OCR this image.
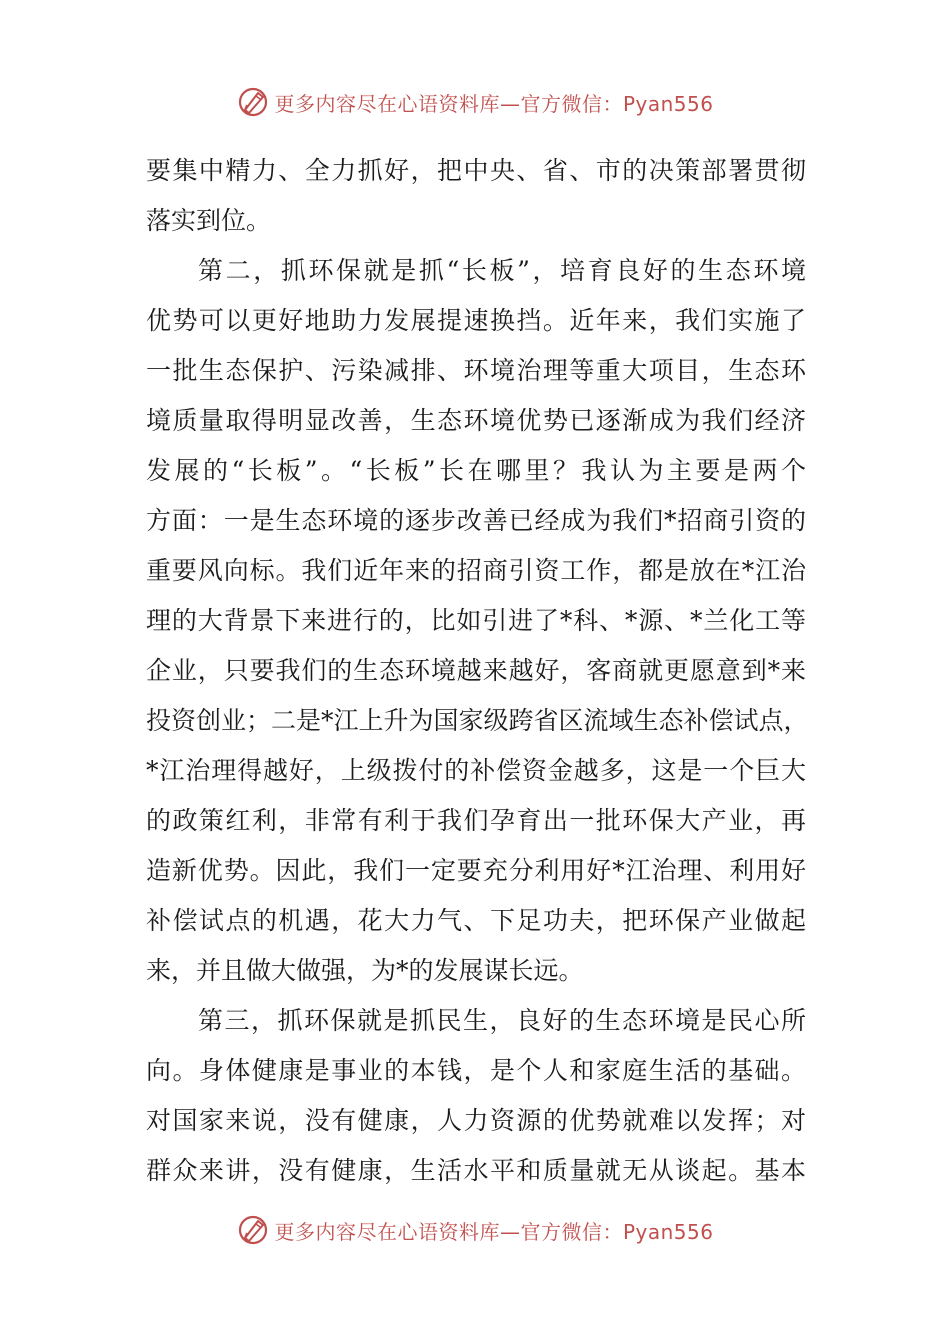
更多内容尽在心语资料库—官方微信：Pyan556
要集中精力、全力抓好，把中央、省、市的决策部署贯彻
落实到位。
第二，抓环保就是抓“长板”，培育良好的生态环境
优势可以更好地助力发展提速换挡。近年来，我们实施了
一批生态保护、污染减排、环境治理等重大项目，生态环
境质量取得明显改善，生态环境优势已逐渐成为我们经济
发展的“长板”。“长板”长在哪里？我认为主要是两个
方面：一是生态环境的逐步改善已经成为我们*招商引资的
重要风向标。我们近年来的招商引资工作，都是放在*江治
理的大背景下来进行的，比如引进了*科、*源、*兰化工等
企业，只要我们的生态环境越来越好，客商就更愿意到*来
投资创业；二是*江上升为国家级跨省区流域生态补偿试点，
*江治理得越好，上级拨付的补偿资金越多，这是一个巨大
的政策红利，非常有利于我们孕育出一批环保大产业，再
造新优势。因此，我们一定要充分利用好*江治理、利用好
补偿试点的机遇，花大力气、下足功夫，把环保产业做起
来，并且做大做强，为*的发展谋长远。
第三，抓环保就是抓民生，良好的生态环境是民心所
向。身体健康是事业的本钱，是个人和家庭生活的基础。
对国家来说，没有健康，人力资源的优势就难以发挥；对
群众来讲，没有健康，生活水平和质量就无从谈起。基本
更多内容尽在心语资料库—官方微信：Pyan556
